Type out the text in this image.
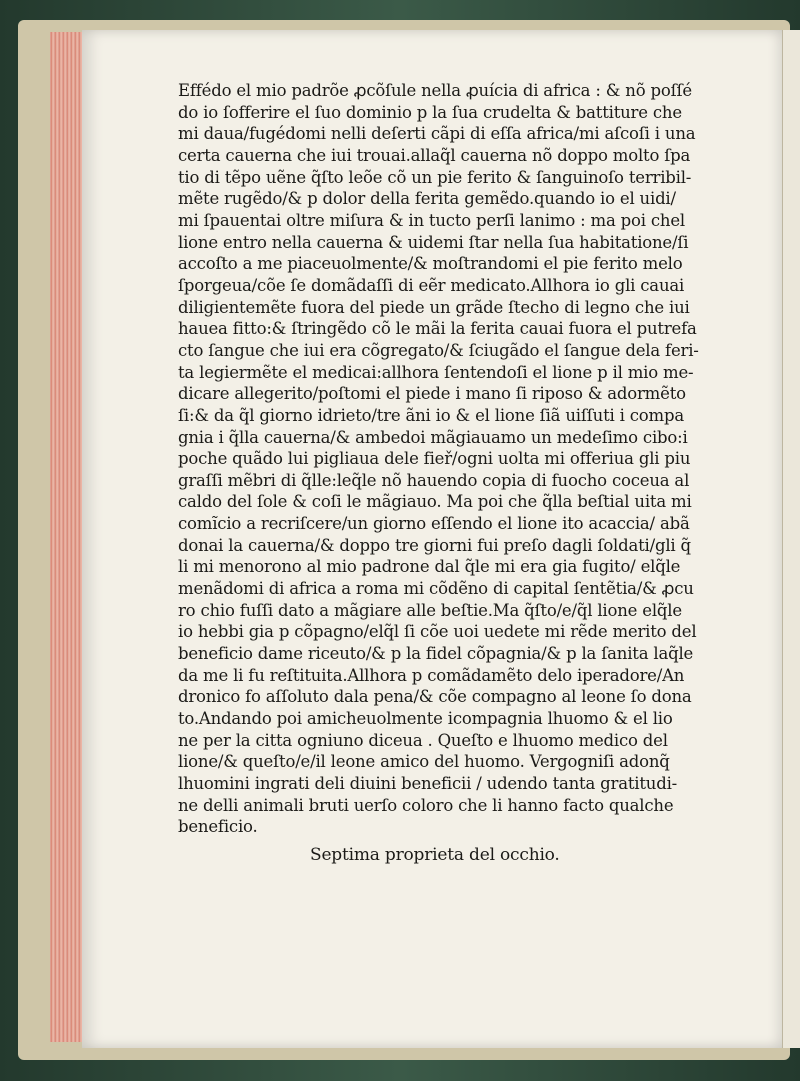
Effédo el mio padrõe ꝓcõſule nella ꝓuícia di africa : & nõ poſſé
do io ſofferire el ſuo dominio p la ſua crudelta & battiture che
mi daua/fugédomi nelli deſerti cãpi di eſſa africa/mi aſcoſi i una
certa cauerna che iui trouai.allaq̃l cauerna nõ doppo molto ſpa
tio di tẽpo uẽne q̃ſto leõe cõ un pie ferito & ſanguinoſo terribil-
mẽte rugẽdo/& p dolor della ferita gemẽdo.quando io el uidi/
mi ſpauentai oltre miſura & in tucto perſi lanimo : ma poi chel
lione entro nella cauerna & uidemi ſtar nella ſua habitatione/ſi
accoſto a me piaceuolmente/& moſtrandomi el pie ferito melo
ſporgeua/cõe ſe domãdaſſi di eẽr medicato.Allhora io gli cauai
diligientemẽte fuora del piede un grãde ſtecho di legno che iui
hauea fitto:& ſtringẽdo cõ le mãi la ferita cauai fuora el putrefa
cto ſangue che iui era cõgregato/& ſciugãdo el ſangue dela feri-
ta legiermẽte el medicai:allhora ſentendoſi el lione p il mio me-
dicare allegerito/poſtomi el piede i mano ſi riposo & adormẽto
ſi:& da q̃l giorno idrieto/tre ãni io & el lione ſiã uiſſuti i compa
gnia i q̃lla cauerna/& ambedoi mãgiauamo un medeſimo cibo:i
poche quãdo lui pigliaua dele fieř/ogni uolta mi offeriua gli piu
graſſi mẽbri di q̃lle:leq̃le nõ hauendo copia di fuocho coceua al
caldo del ſole & coſi le mãgiauo. Ma poi che q̃lla beſtial uita mi
comĩcio a recriſcere/un giorno eſſendo el lione ito acaccia/ abã
donai la cauerna/& doppo tre giorni fui preſo dagli ſoldati/gli q̃
li mi menorono al mio padrone dal q̃le mi era gia fugito/ elq̃le
menãdomi di africa a roma mi cõdẽno di capital ſentẽtia/& ꝓcu
ro chio fuſſi dato a mãgiare alle beſtie.Ma q̃ſto/e/q̃l lione elq̃le
io hebbi gia p cõpagno/elq̃l ſi cõe uoi uedete mi rẽde merito del
beneficio dame riceuto/& p la fidel cõpagnia/& p la ſanita laq̃le
da me li fu reſtituita.Allhora p comãdamẽto delo iperadore/An
dronico fo aſſoluto dala pena/& cõe compagno al leone ſo dona
to.Andando poi amicheuolmente icompagnia lhuomo & el lio
ne per la citta ogniuno diceua . Queſto e lhuomo medico del
lione/& queſto/e/il leone amico del huomo. Vergogniſi adonq̃
lhuomini ingrati deli diuini beneficii / udendo tanta gratitudi-
ne delli animali bruti uerſo coloro che li hanno facto qualche
beneficio.
Septima proprieta del occhio.
